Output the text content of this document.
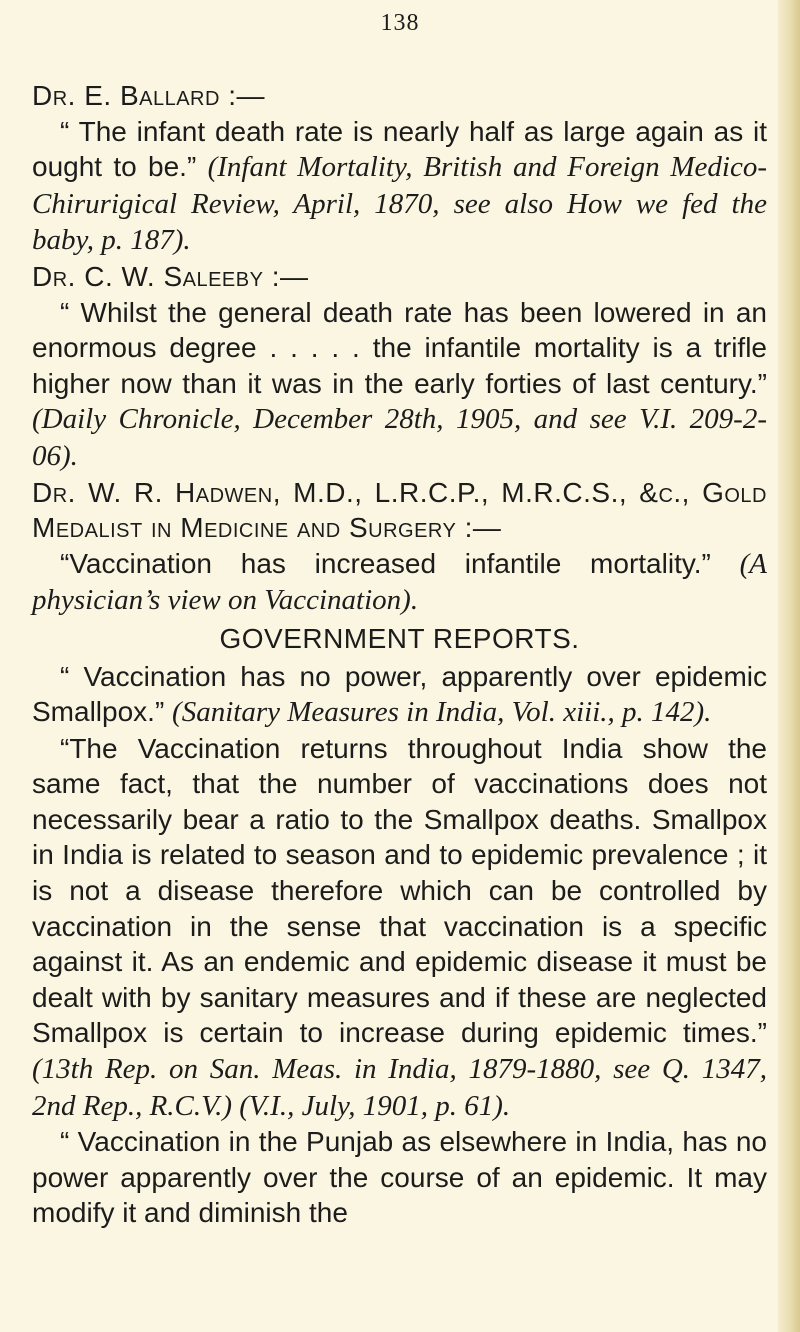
138

Dr. E. Ballard :—

“ The infant death rate is nearly half as large again as it ought to be.” (Infant Mortality, British and Foreign Medico-Chirurigical Review, April, 1870, see also How we fed the baby, p. 187).

Dr. C. W. Saleeby :—

“ Whilst the general death rate has been lowered in an enormous degree . . . . . the infantile mortality is a trifle higher now than it was in the early forties of last century.” (Daily Chronicle, December 28th, 1905, and see V.I. 209-2-06).

Dr. W. R. Hadwen, M.D., L.R.C.P., M.R.C.S., &c., Gold Medalist in Medicine and Surgery :—

“Vaccination has increased infantile mortality.” (A physician’s view on Vaccination).

GOVERNMENT REPORTS.

“ Vaccination has no power, apparently over epidemic Smallpox.” (Sanitary Measures in India, Vol. xiii., p. 142).

“The Vaccination returns throughout India show the same fact, that the number of vaccinations does not necessarily bear a ratio to the Smallpox deaths. Smallpox in India is related to season and to epidemic prevalence ; it is not a disease therefore which can be controlled by vaccination in the sense that vaccination is a specific against it. As an endemic and epidemic disease it must be dealt with by sanitary measures and if these are neglected Smallpox is certain to increase during epidemic times.” (13th Rep. on San. Meas. in India, 1879-1880, see Q. 1347, 2nd Rep., R.C.V.) (V.I., July, 1901, p. 61).

“ Vaccination in the Punjab as elsewhere in India, has no power apparently over the course of an epidemic. It may modify it and diminish the
